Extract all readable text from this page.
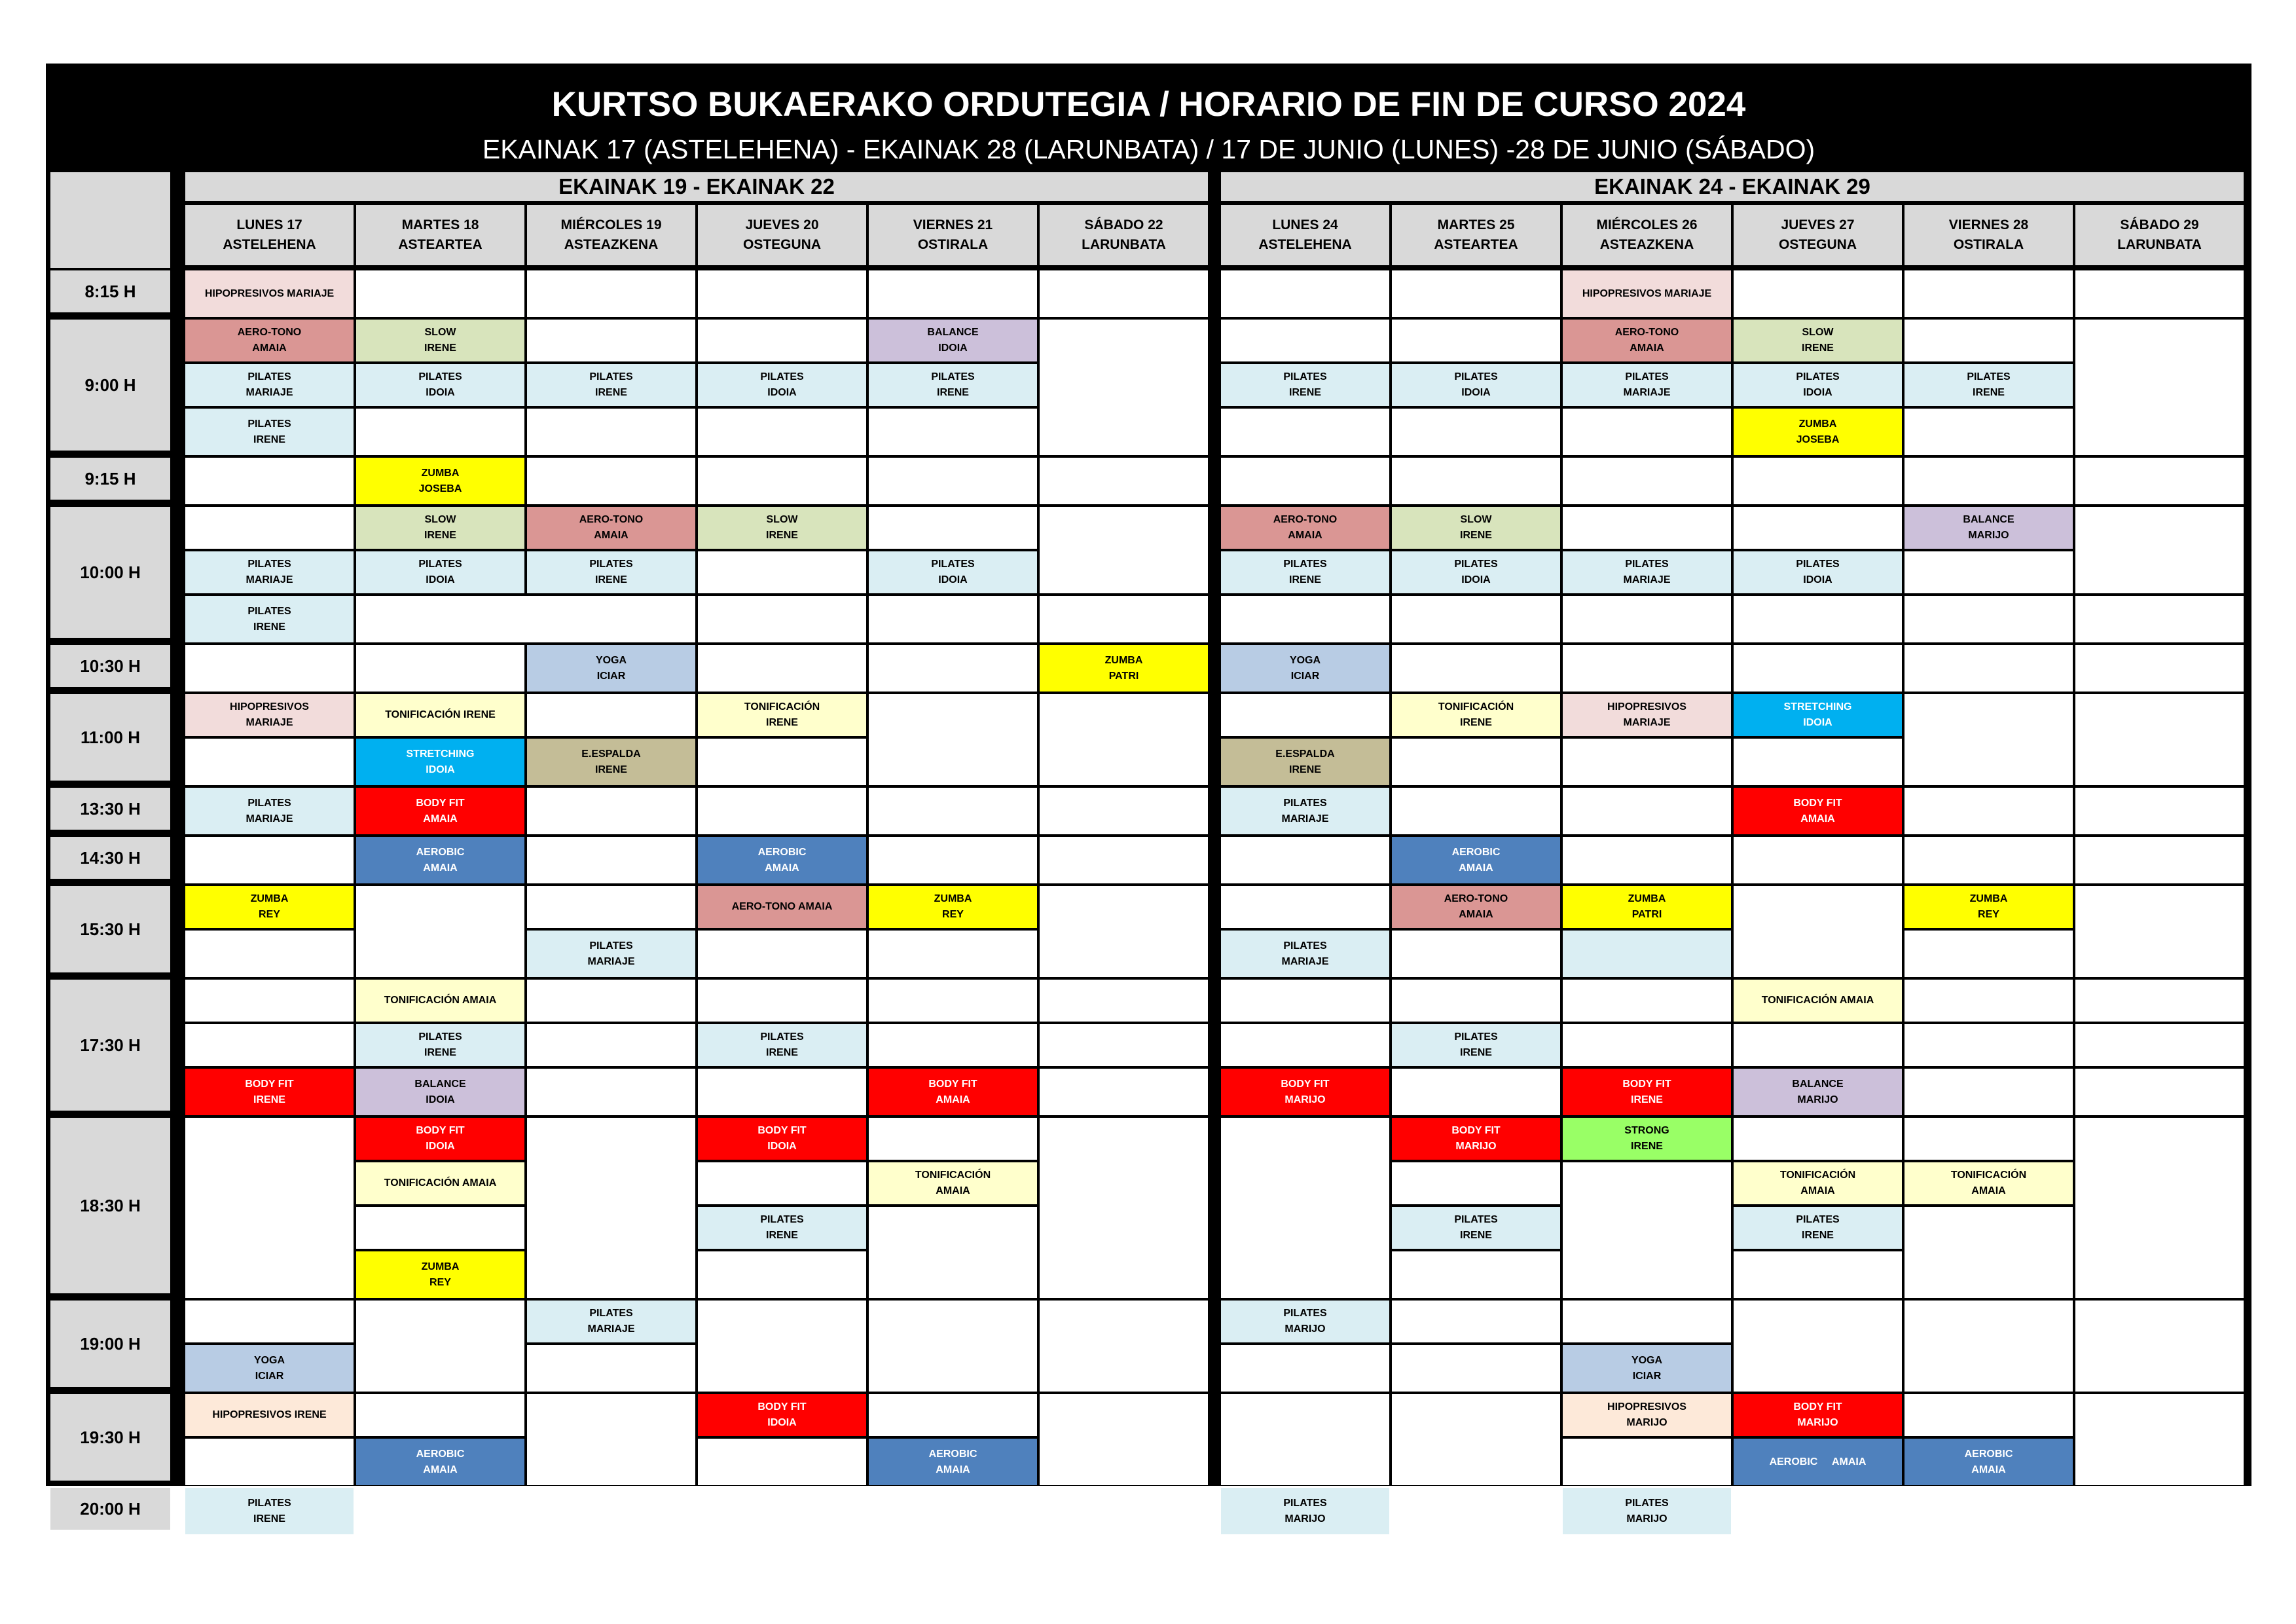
KURTSO BUKAERAKO ORDUTEGIA / HORARIO DE FIN DE CURSO 2024
EKAINAK 17 (ASTELEHENA) - EKAINAK 28 (LARUNBATA) / 17 DE JUNIO (LUNES) -28 DE JUNIO (SÁBADO)
EKAINAK 19 - EKAINAK 22
LUNES 17
ASTELEHENA
MARTES 18
ASTEARTEA
MIÉRCOLES 19
ASTEAZKENA
JUEVES 20
OSTEGUNA
VIERNES 21
OSTIRALA
SÁBADO 22
LARUNBATA
EKAINAK 24 - EKAINAK 29
LUNES 24
ASTELEHENA
MARTES 25
ASTEARTEA
MIÉRCOLES 26
ASTEAZKENA
JUEVES 27
OSTEGUNA
VIERNES 28
OSTIRALA
SÁBADO 29
LARUNBATA
8:15 H
9:00 H
9:15 H
10:00 H
10:30 H
11:00 H
13:30 H
14:30 H
15:30 H
17:30 H
18:30 H
19:00 H
19:30 H
20:00 H
HIPOPRESIVOS MARIAJE	HIPOPRESIVOS MARIAJE
AERO-TONO
AMAIA
SLOW
IRENE
BALANCE
IDOIA
AERO-TONO
AMAIA
SLOW
IRENE
PILATES
MARIAJE
PILATES
IDOIA
PILATES
IRENE
PILATES
IDOIA
PILATES
IRENE
PILATES
IRENE
PILATES
IDOIA
PILATES
MARIAJE
PILATES
IDOIA
PILATES
IRENE
PILATES
IRENE
ZUMBA
JOSEBA
ZUMBA
JOSEBA
SLOW
IRENE
AERO-TONO
AMAIA
SLOW
IRENE
AERO-TONO
AMAIA
SLOW
IRENE
BALANCE
MARIJO
PILATES
MARIAJE
PILATES
IDOIA
PILATES
IRENE
PILATES
IDOIA
PILATES
IRENE
PILATES
IDOIA
PILATES
MARIAJE
PILATES
IDOIA
PILATES
IRENE
YOGA
ICIAR
ZUMBA
PATRI
YOGA
ICIAR
HIPOPRESIVOS
MARIAJE
TONIFICACIÓN IRENE
TONIFICACIÓN
IRENE
TONIFICACIÓN
IRENE
HIPOPRESIVOS
MARIAJE
STRETCHING
IDOIA
STRETCHING
IDOIA
E.ESPALDA
IRENE
E.ESPALDA
IRENE
PILATES
MARIAJE
BODY FIT
AMAIA
PILATES
MARIAJE
BODY FIT
AMAIA
AEROBIC
AMAIA
AEROBIC
AMAIA
AEROBIC
AMAIA
ZUMBA
REY
AERO-TONO AMAIA
ZUMBA
REY
AERO-TONO
AMAIA
ZUMBA
PATRI
ZUMBA
REY
PILATES
MARIAJE
PILATES
MARIAJE
TONIFICACIÓN AMAIA	TONIFICACIÓN AMAIA
PILATES
IRENE
PILATES
IRENE
PILATES
IRENE
BODY FIT
IRENE
BALANCE
IDOIA
BODY FIT
AMAIA
BODY FIT
MARIJO
BODY FIT
IRENE
BALANCE
MARIJO
BODY FIT
IDOIA
BODY FIT
IDOIA
BODY FIT
MARIJO
STRONG
IRENE
TONIFICACIÓN AMAIA
TONIFICACIÓN
AMAIA
TONIFICACIÓN
AMAIA
TONIFICACIÓN
AMAIA
PILATES
IRENE
PILATES
IRENE
PILATES
IRENE
ZUMBA
REY
PILATES
MARIAJE
PILATES
MARIJO
YOGA
ICIAR
YOGA
ICIAR
HIPOPRESIVOS IRENE
BODY FIT
IDOIA
HIPOPRESIVOS
MARIJO
BODY FIT
MARIJO
AEROBIC
AMAIA
AEROBIC
AMAIA
AEROBIC     AMAIA
AEROBIC
AMAIA
PILATES
IRENE
PILATES
MARIJO
PILATES
MARIJO
